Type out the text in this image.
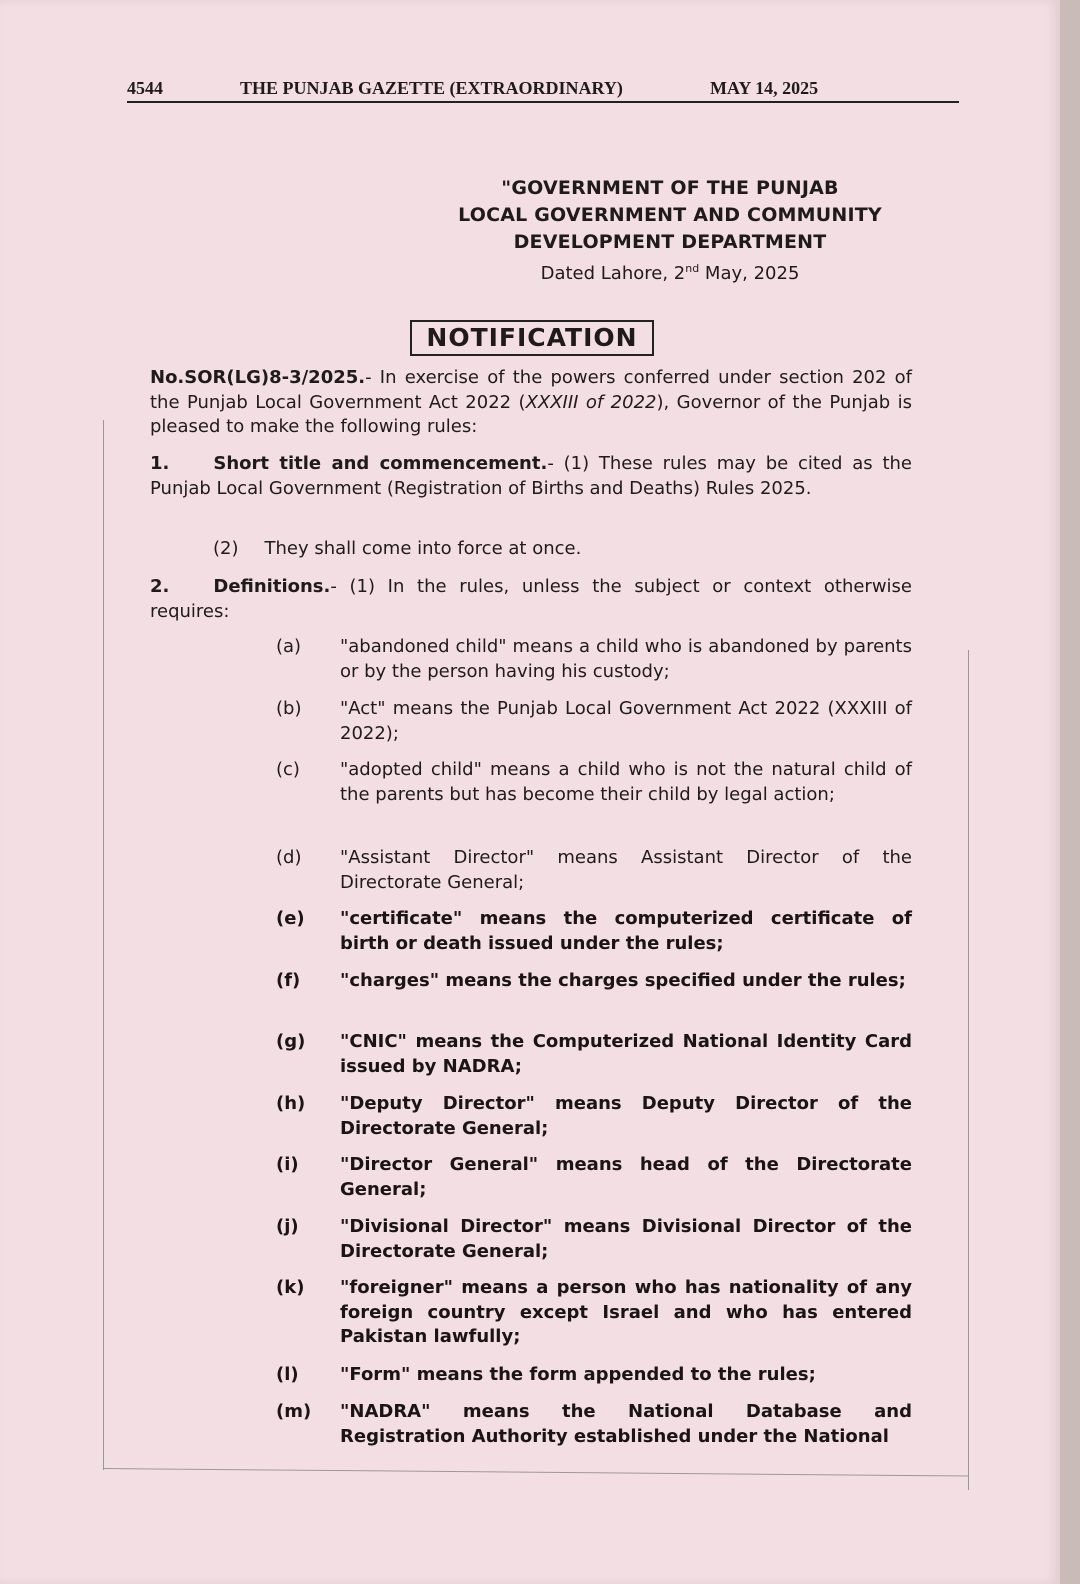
4544	THE PUNJAB GAZETTE (EXTRAORDINARY)	MAY 14, 2025
"GOVERNMENT OF THE PUNJAB
LOCAL GOVERNMENT AND COMMUNITY
DEVELOPMENT DEPARTMENT
Dated Lahore, 2nd May, 2025
NOTIFICATION
No.SOR(LG)8-3/2025.- In exercise of the powers conferred under section 202 of the Punjab Local Government Act 2022 (XXXIII of 2022), Governor of the Punjab is pleased to make the following rules:
1. Short title and commencement.- (1) These rules may be cited as the Punjab Local Government (Registration of Births and Deaths) Rules 2025.
(2) They shall come into force at once.
2. Definitions.- (1) In the rules, unless the subject or context otherwise requires:
(a)	"abandoned child" means a child who is abandoned by parents or by the person having his custody;
(b)	"Act" means the Punjab Local Government Act 2022 (XXXIII of 2022);
(c)	"adopted child" means a child who is not the natural child of the parents but has become their child by legal action;
(d)	"Assistant Director" means Assistant Director of the Directorate General;
(e)	"certificate" means the computerized certificate of birth or death issued under the rules;
(f)	"charges" means the charges specified under the rules;
(g)	"CNIC" means the Computerized National Identity Card issued by NADRA;
(h)	"Deputy Director" means Deputy Director of the Directorate General;
(i)	"Director General" means head of the Directorate General;
(j)	"Divisional Director" means Divisional Director of the Directorate General;
(k)	"foreigner" means a person who has nationality of any foreign country except Israel and who has entered Pakistan lawfully;
(l)	"Form" means the form appended to the rules;
(m)	"NADRA" means the National Database and Registration Authority established under the National
